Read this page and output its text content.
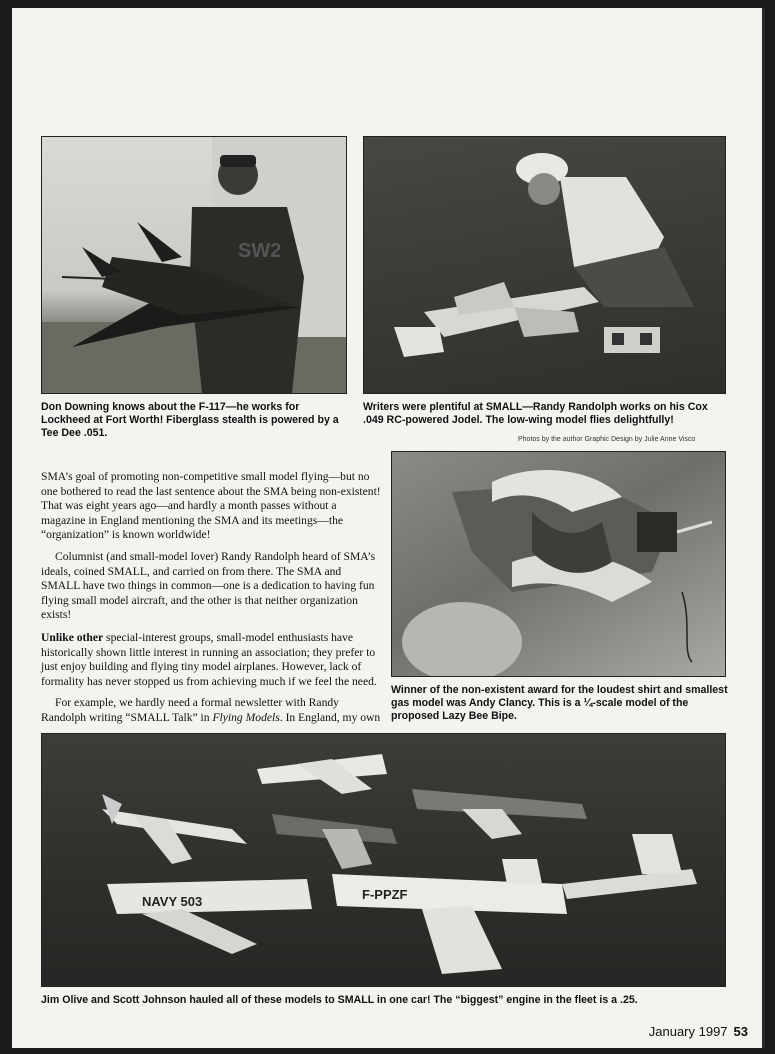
SW2

Don Downing knows about the F-117—he works for Lockheed at Fort Worth! Fiberglass stealth is powered by a Tee Dee .051.

Writers were plentiful at SMALL—Randy Randolph works on his Cox .049 RC-powered Jodel. The low-wing model flies delightfully!

Photos by the author Graphic Design by Julie Anne Visco

SMA’s goal of promoting non-competitive small model flying—but no one bothered to read the last sentence about the SMA being non-existent! That was eight years ago—and hardly a month passes without a magazine in England mentioning the SMA and its meetings—the “organization” is known worldwide!

Columnist (and small-model lover) Randy Randolph heard of SMA’s ideals, coined SMALL, and carried on from there. The SMA and SMALL have two things in common—one is a dedication to having fun flying small model aircraft, and the other is that neither organization exists!

Unlike other special-interest groups, small-model enthusiasts have historically shown little interest in running an association; they prefer to just enjoy building and flying tiny model airplanes. However, lack of formality has never stopped us from achieving much if we feel the need.

For example, we hardly need a formal newsletter with Randy Randolph writing “SMALL Talk” in Flying Models. In England, my own

Winner of the non-existent award for the loudest shirt and smallest gas model was Andy Clancy. This is a ¼-scale model of the proposed Lazy Bee Bipe.

NAVY 503	F-PPZF

Jim Olive and Scott Johnson hauled all of these models to SMALL in one car! The “biggest” engine in the fleet is a .25.

January 1997 53
